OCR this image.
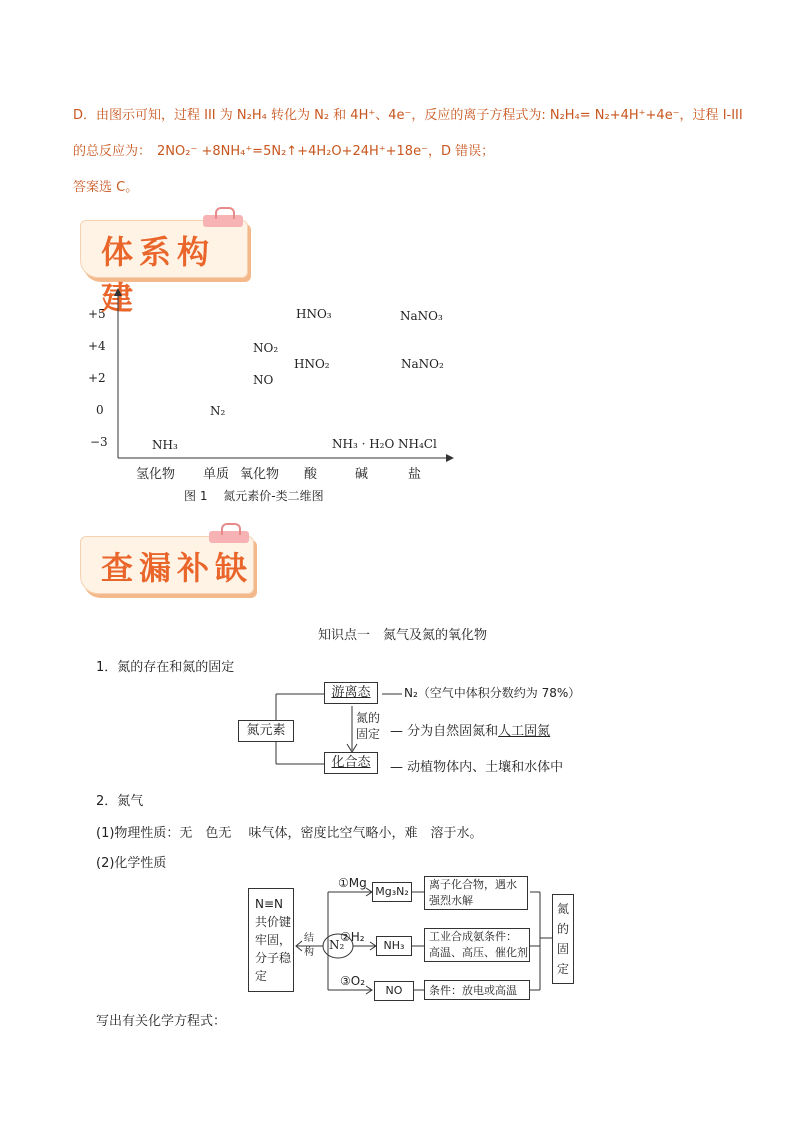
D．由图示可知，过程 III 为 N₂H₄ 转化为 N₂ 和 4H⁺、4e⁻，反应的离子方程式为: N₂H₄= N₂+4H⁺+4e⁻，过程 I-III
的总反应为： 2NO₂⁻ +8NH₄⁺=5N₂↑+4H₂O+24H⁺+18e⁻，D 错误；
答案选 C。
体系构建
+5
+4
+2
0
−3
氢化物 单质 氧化物 酸	碱	盐
HNO₃	NaNO₃
NO₂
HNO₂	NaNO₂
NO
N₂
NH₃	NH₃ · H₂O NH₄Cl
图 1　 氮元素价-类二维图
查漏补缺
知识点一　氮气及氮的氧化物
1．氮的存在和氮的固定
游离态	N₂（空气中体积分数约为 78%）
氮元素
氮的
固定 — 分为自然固氮和人工固氮
化合态	— 动植物体内、土壤和水体中
2．氮气
(1)物理性质：无　色无　 味气体，密度比空气略小，难　溶于水。
(2)化学性质
N≡N
共价键
牢固，
分子稳
定
结
构
N₂
①Mg
Mg₃N₂
离子化合物，遇水
强烈水解
②H₂
NH₃
工业合成氨条件：
高温、高压、催化剂
③O₂
NO	条件：放电或高温
氮
的
固
定
写出有关化学方程式：
